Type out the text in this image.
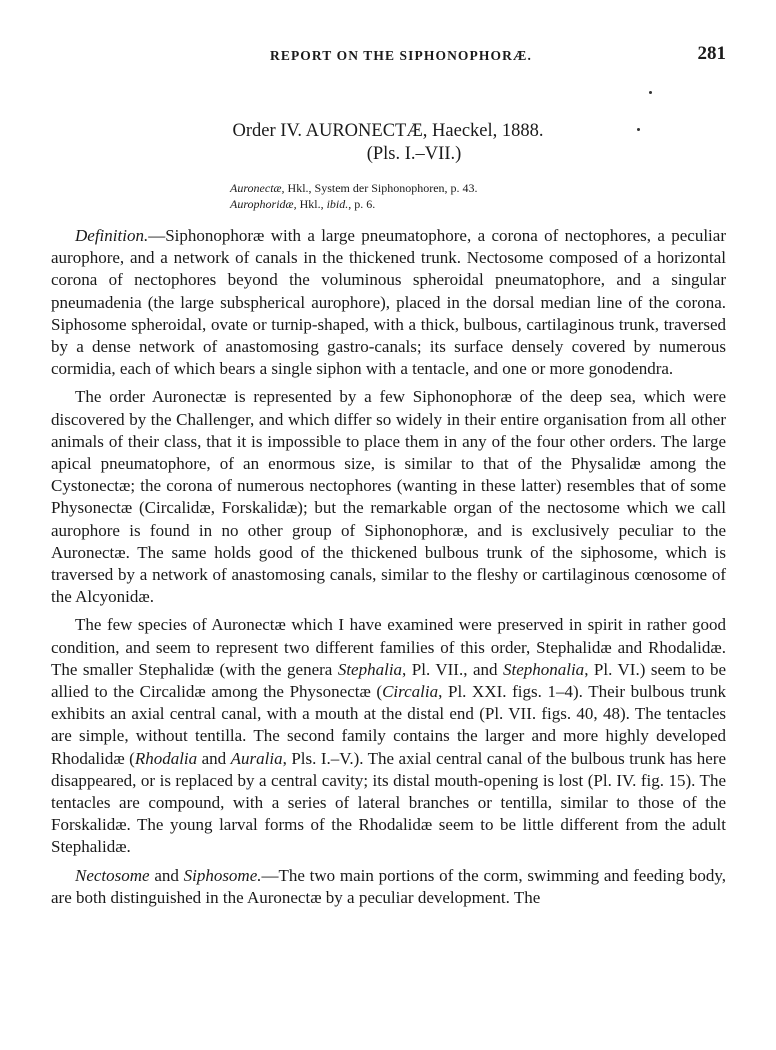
REPORT ON THE SIPHONOPHORÆ.	281
Order IV. AURONECTÆ, Haeckel, 1888.
(Pls. I.–VII.)
Auronectæ, Hkl., System der Siphonophoren, p. 43.
Aurophoridæ, Hkl., ibid., p. 6.

Definition.—Siphonophoræ with a large pneumatophore, a corona of nectophores, a peculiar aurophore, and a network of canals in the thickened trunk. Nectosome composed of a horizontal corona of nectophores beyond the voluminous spheroidal pneumatophore, and a singular pneumadenia (the large subspherical aurophore), placed in the dorsal median line of the corona. Siphosome spheroidal, ovate or turnip-shaped, with a thick, bulbous, cartilaginous trunk, traversed by a dense network of anastomosing gastro-canals; its surface densely covered by numerous cormidia, each of which bears a single siphon with a tentacle, and one or more gonodendra.

The order Auronectæ is represented by a few Siphonophoræ of the deep sea, which were discovered by the Challenger, and which differ so widely in their entire organisation from all other animals of their class, that it is impossible to place them in any of the four other orders. The large apical pneumatophore, of an enormous size, is similar to that of the Physalidæ among the Cystonectæ; the corona of numerous nectophores (wanting in these latter) resembles that of some Physonectæ (Circalidæ, Forskalidæ); but the remarkable organ of the nectosome which we call aurophore is found in no other group of Siphonophoræ, and is exclusively peculiar to the Auronectæ. The same holds good of the thickened bulbous trunk of the siphosome, which is traversed by a network of anastomosing canals, similar to the fleshy or cartilaginous cœnosome of the Alcyonidæ.

The few species of Auronectæ which I have examined were preserved in spirit in rather good condition, and seem to represent two different families of this order, Stephalidæ and Rhodalidæ. The smaller Stephalidæ (with the genera Stephalia, Pl. VII., and Stephonalia, Pl. VI.) seem to be allied to the Circalidæ among the Physonectæ (Circalia, Pl. XXI. figs. 1–4). Their bulbous trunk exhibits an axial central canal, with a mouth at the distal end (Pl. VII. figs. 40, 48). The tentacles are simple, without tentilla. The second family contains the larger and more highly developed Rhodalidæ (Rhodalia and Auralia, Pls. I.–V.). The axial central canal of the bulbous trunk has here disappeared, or is replaced by a central cavity; its distal mouth-opening is lost (Pl. IV. fig. 15). The tentacles are compound, with a series of lateral branches or tentilla, similar to those of the Forskalidæ. The young larval forms of the Rhodalidæ seem to be little different from the adult Stephalidæ.

Nectosome and Siphosome.—The two main portions of the corm, swimming and feeding body, are both distinguished in the Auronectæ by a peculiar development. The
